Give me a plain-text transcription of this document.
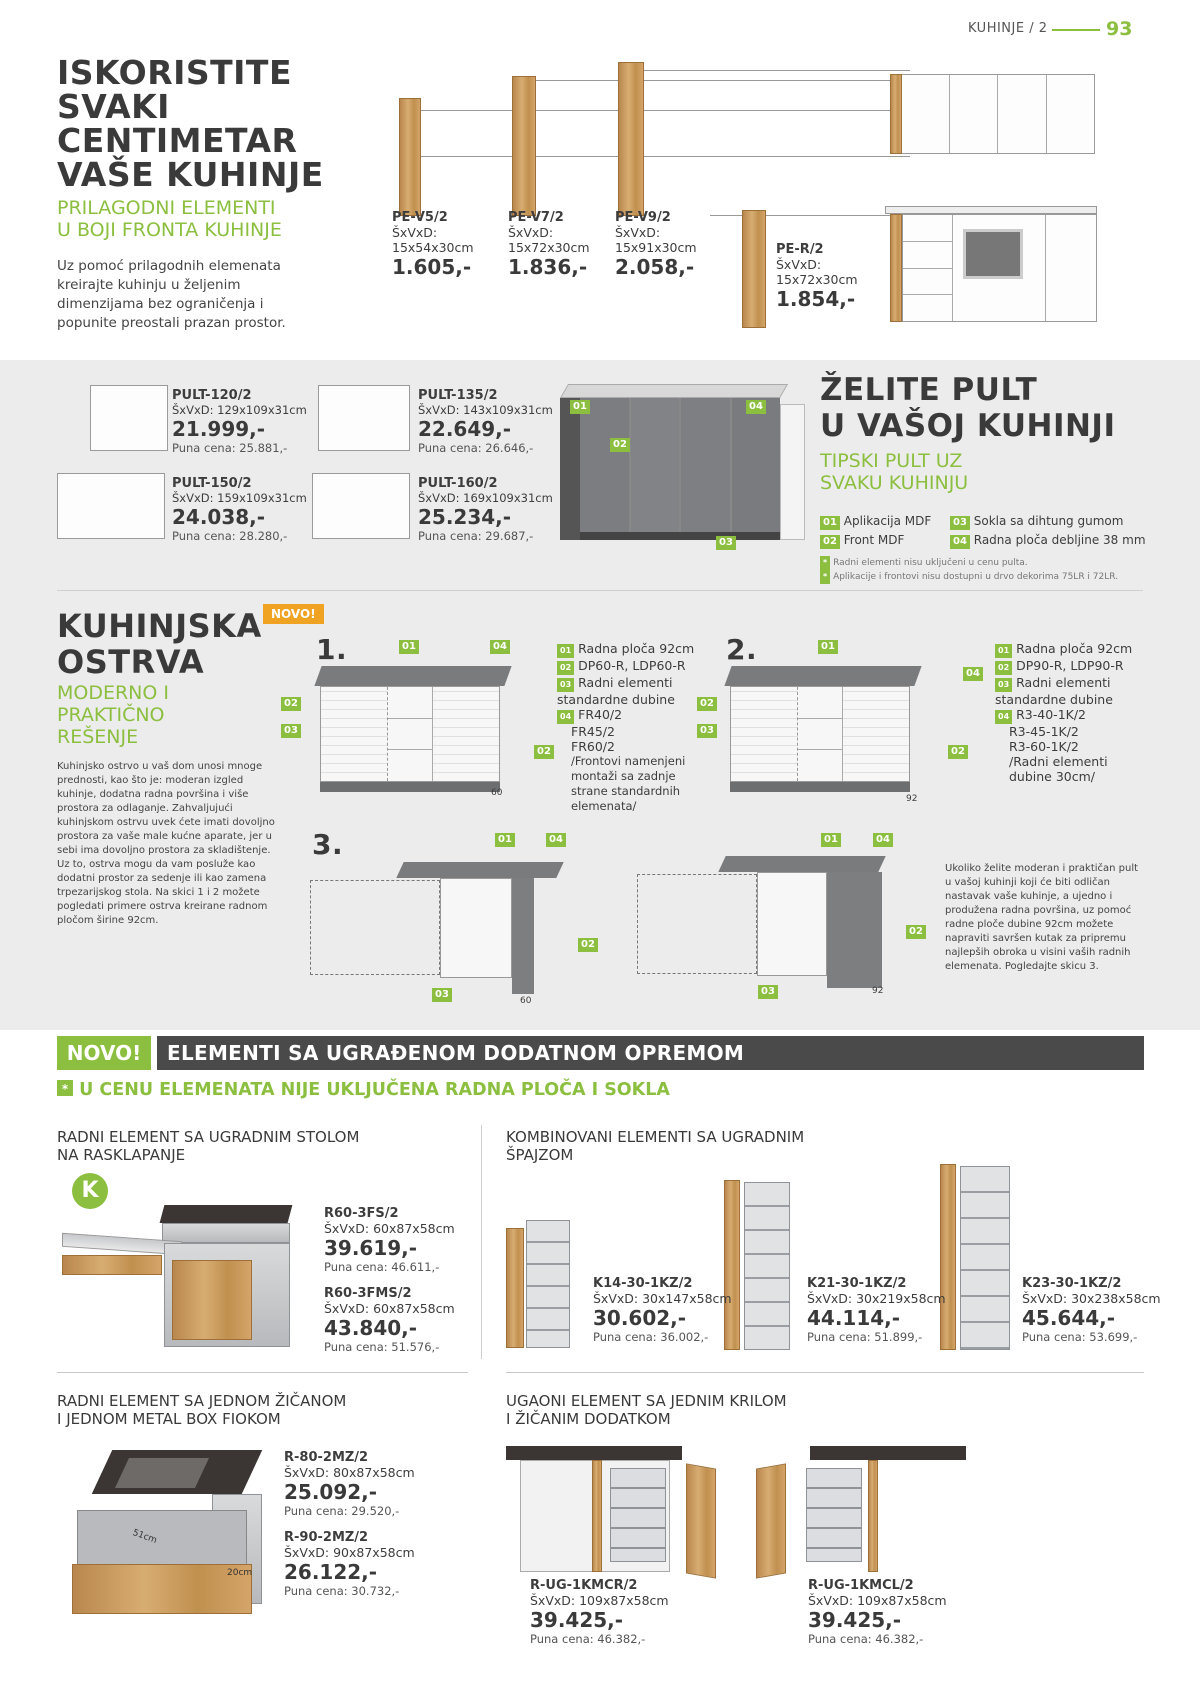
KUHINJE / 2	93
ISKORISTITE
SVAKI
CENTIMETAR
VAŠE KUHINJE
PRILAGODNI ELEMENTI
U BOJI FRONTA KUHINJE
Uz pomoć prilagodnih elemenata kreirajte kuhinju u željenim dimenzijama bez ograničenja i popunite preostali prazan prostor.
PE-V5/2
ŠxVxD:
15x54x30cm
1.605,-
PE-V7/2
ŠxVxD:
15x72x30cm
1.836,-
PE-V9/2
ŠxVxD:
15x91x30cm
2.058,-
PE-R/2
ŠxVxD:
15x72x30cm
1.854,-
PULT-120/2
ŠxVxD: 129x109x31cm
21.999,-
Puna cena: 25.881,-
PULT-135/2
ŠxVxD: 143x109x31cm
22.649,-
Puna cena: 26.646,-
PULT-150/2
ŠxVxD: 159x109x31cm
24.038,-
Puna cena: 28.280,-
PULT-160/2
ŠxVxD: 169x109x31cm
25.234,-
Puna cena: 29.687,-
01
02
03
04 ŽELITE PULT
U VAŠOJ KUHINJI
TIPSKI PULT UZ
SVAKU KUHINJU
01 Aplikacija MDF	03 Sokla sa dihtung gumom
02 Front MDF	04 Radna ploča debljine 38 mm
* Radni elementi nisu uključeni u cenu pulta.
* Aplikacije i frontovi nisu dostupni u drvo dekorima 75LR i 72LR.
NOVO!
KUHINJSKA
OSTRVA
MODERNO I
PRAKTIČNO
REŠENJE
Kuhinjsko ostrvo u vaš dom unosi mnoge prednosti, kao što je: moderan izgled kuhinje, dodatna radna površina i više prostora za odlaganje. Zahvaljujući kuhinjskom ostrvu uvek ćete imati dovoljno prostora za vaše male kućne aparate, jer u sebi ima dovoljno prostora za skladištenje. Uz to, ostrva mogu da vam posluže kao dodatni prostor za sedenje ili kao zamena trpezarijskog stola. Na skici 1 i 2 možete pogledati primere ostrva kreirane radnom pločom širine 92cm.
1.
60
01	04
02
03
02
01 Radna ploča 92cm
02 DP60-R, LDP60-R
03 Radni elementi standardne dubine
04 FR40/2
FR45/2
FR60/2
/Frontovi namenjeni montaži sa zadnje strane standardnih elemenata/
2.
92
01
04
02
03
02
01 Radna ploča 92cm
02 DP90-R, LDP90-R
03 Radni elementi standardne dubine
04 R3-40-1K/2
R3-45-1K/2
R3-60-1K/2
/Radni elementi dubine 30cm/
3.
60
01	04
02
03	92
01	04
02
03
Ukoliko želite moderan i praktičan pult u vašoj kuhinji koji će biti odličan nastavak vaše kuhinje, a ujedno i produžena radna površina, uz pomoć radne ploče dubine 92cm možete napraviti savršen kutak za pripremu najlepših obroka u visini vaših radnih elemenata. Pogledajte skicu 3.
NOVO!	ELEMENTI SA UGRAĐENOM DODATNOM OPREMOM
* U CENU ELEMENATA NIJE UKLJUČENA RADNA PLOČA I SOKLA
RADNI ELEMENT SA UGRADNIM STOLOM
NA RASKLAPANJE
K
R60-3FS/2
ŠxVxD: 60x87x58cm
39.619,-
Puna cena: 46.611,-
R60-3FMS/2
ŠxVxD: 60x87x58cm
43.840,-
Puna cena: 51.576,-
KOMBINOVANI ELEMENTI SA UGRADNIM
ŠPAJZOM
K14-30-1KZ/2
ŠxVxD: 30x147x58cm
30.602,-
Puna cena: 36.002,-
K21-30-1KZ/2
ŠxVxD: 30x219x58cm
44.114,-
Puna cena: 51.899,-
K23-30-1KZ/2
ŠxVxD: 30x238x58cm
45.644,-
Puna cena: 53.699,-
RADNI ELEMENT SA JEDNOM ŽIČANOM
I JEDNOM METAL BOX FIOKOM
51cm
20cm
R-80-2MZ/2
ŠxVxD: 80x87x58cm
25.092,-
Puna cena: 29.520,-
R-90-2MZ/2
ŠxVxD: 90x87x58cm
26.122,-
Puna cena: 30.732,-
UGAONI ELEMENT SA JEDNIM KRILOM
I ŽIČANIM DODATKOM
R-UG-1KMCR/2
ŠxVxD: 109x87x58cm
39.425,-
Puna cena: 46.382,-
R-UG-1KMCL/2
ŠxVxD: 109x87x58cm
39.425,-
Puna cena: 46.382,-
